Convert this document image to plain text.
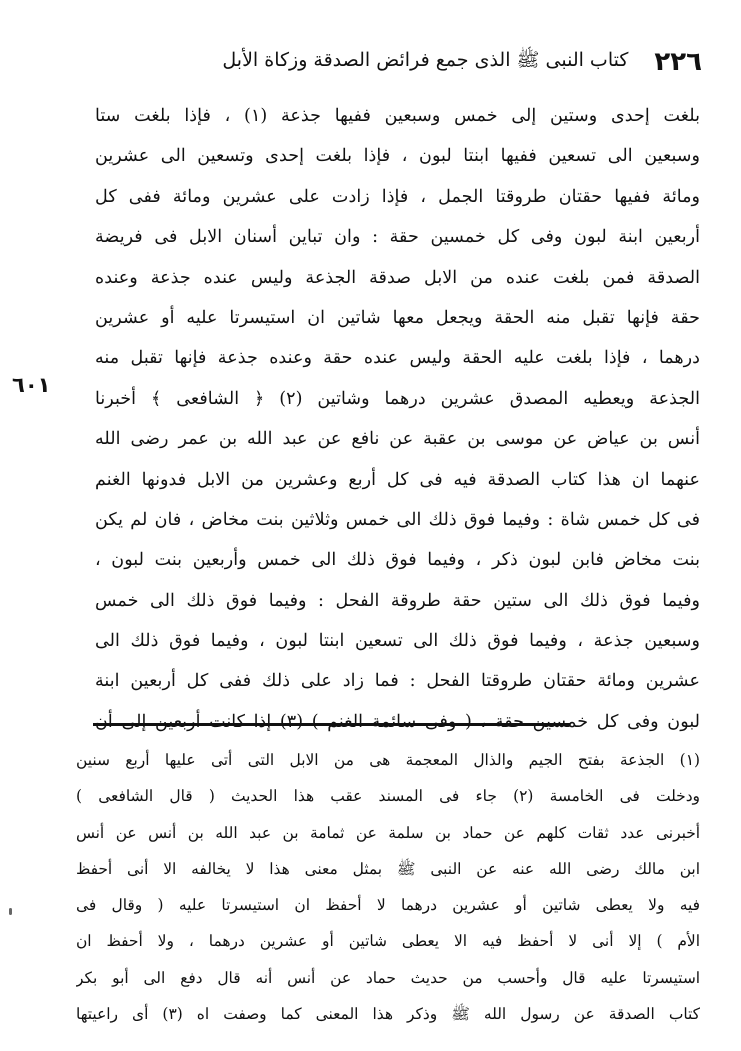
٢٢٦
كتاب النبى ﷺ الذى جمع فرائض الصدقة وزكاة الأبل
٦٠١
بلغت إحدى وستين إلى خمس وسبعين ففيها جذعة (١) ، فإذا بلغت ستا
وسبعين الى تسعين ففيها ابنتا لبون ، فإذا بلغت إحدى وتسعين الى عشرين
ومائة ففيها حقتان طروقتا الجمل ، فإذا زادت على عشرين ومائة ففى كل
أربعين ابنة لبون وفى كل خمسين حقة : وان تباين أسنان الابل فى فريضة
الصدقة فمن بلغت عنده من الابل صدقة الجذعة وليس عنده جذعة وعنده
حقة فإنها تقبل منه الحقة ويجعل معها شاتين ان استيسرتا عليه أو عشرين
درهما ، فإذا بلغت عليه الحقة وليس عنده حقة وعنده جذعة فإنها تقبل منه
الجذعة ويعطيه المصدق عشرين درهما وشاتين (٢) ﴿ الشافعى ﴾ أخبرنا
أنس بن عياض عن موسى بن عقبة عن نافع عن عبد الله بن عمر رضى الله
عنهما ان هذا كتاب الصدقة فيه فى كل أربع وعشرين من الابل فدونها الغنم
فى كل خمس شاة : وفيما فوق ذلك الى خمس وثلاثين بنت مخاض ، فان لم يكن
بنت مخاض فابن لبون ذكر ، وفيما فوق ذلك الى خمس وأربعين بنت لبون ،
وفيما فوق ذلك الى ستين حقة طروقة الفحل : وفيما فوق ذلك الى خمس
وسبعين جذعة ، وفيما فوق ذلك الى تسعين ابنتا لبون ، وفيما فوق ذلك الى
عشرين ومائة حقتان طروقتا الفحل : فما زاد على ذلك ففى كل أربعين ابنة
لبون وفى كل خمسين حقة ، ( وفى سائمة الغنم ) (٣) إذا كانت أربعين إلى أن
(١) الجذعة بفتح الجيم والذال المعجمة هى من الابل التى أتى عليها أربع سنين
ودخلت فى الخامسة (٢) جاء فى المسند عقب هذا الحديث ( قال الشافعى )
أخبرنى عدد ثقات كلهم عن حماد بن سلمة عن ثمامة بن عبد الله بن أنس عن أنس
ابن مالك رضى الله عنه عن النبى ﷺ بمثل معنى هذا لا يخالفه الا أنى أحفظ
فيه ولا يعطى شاتين أو عشرين درهما لا أحفظ ان استيسرتا عليه ( وقال فى
الأم ) إلا أنى لا أحفظ فيه الا يعطى شاتين أو عشرين درهما ، ولا أحفظ ان
استيسرتا عليه قال وأحسب من حديث حماد عن أنس أنه قال دفع الى أبو بكر
كتاب الصدقة عن رسول الله ﷺ وذكر هذا المعنى كما وصفت اه (٣) أى راعيتها
